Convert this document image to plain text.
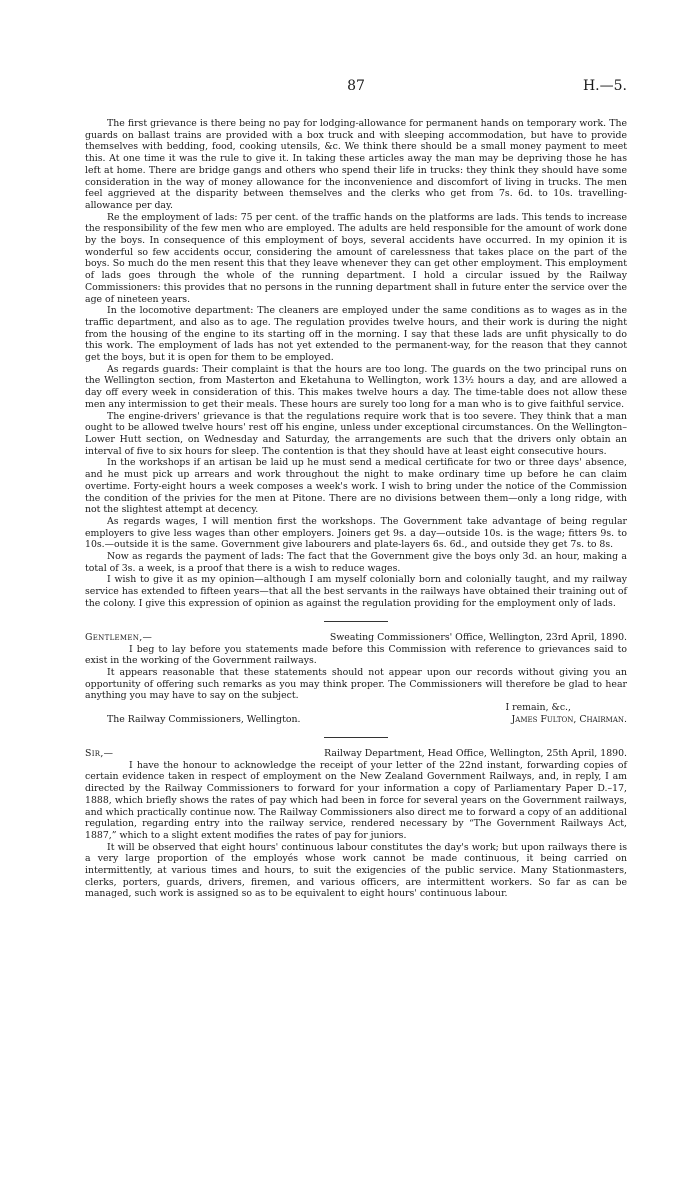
87	H.—5.

The first grievance is there being no pay for lodging-allowance for permanent hands on temporary work. The guards on ballast trains are provided with a box truck and with sleeping accommodation, but have to provide themselves with bedding, food, cooking utensils, &c. We think there should be a small money payment to meet this. At one time it was the rule to give it. In taking these articles away the man may be depriving those he has left at home. There are bridge gangs and others who spend their life in trucks: they think they should have some consideration in the way of money allowance for the inconvenience and discomfort of living in trucks. The men feel aggrieved at the disparity between themselves and the clerks who get from 7s. 6d. to 10s. travelling-allowance per day.

Re the employment of lads: 75 per cent. of the traffic hands on the platforms are lads. This tends to increase the responsibility of the few men who are employed. The adults are held responsible for the amount of work done by the boys. In consequence of this employment of boys, several accidents have occurred. In my opinion it is wonderful so few accidents occur, considering the amount of carelessness that takes place on the part of the boys. So much do the men resent this that they leave whenever they can get other employment. This employment of lads goes through the whole of the running department. I hold a circular issued by the Railway Commissioners: this provides that no persons in the running department shall in future enter the service over the age of nineteen years.

In the locomotive department: The cleaners are employed under the same conditions as to wages as in the traffic department, and also as to age. The regulation provides twelve hours, and their work is during the night from the housing of the engine to its starting off in the morning. I say that these lads are unfit physically to do this work. The employment of lads has not yet extended to the permanent-way, for the reason that they cannot get the boys, but it is open for them to be employed.

As regards guards: Their complaint is that the hours are too long. The guards on the two principal runs on the Wellington section, from Masterton and Eketahuna to Wellington, work 13½ hours a day, and are allowed a day off every week in consideration of this. This makes twelve hours a day. The time-table does not allow these men any intermission to get their meals. These hours are surely too long for a man who is to give faithful service.

The engine-drivers' grievance is that the regulations require work that is too severe. They think that a man ought to be allowed twelve hours' rest off his engine, unless under exceptional circumstances. On the Wellington–Lower Hutt section, on Wednesday and Saturday, the arrangements are such that the drivers only obtain an interval of five to six hours for sleep. The contention is that they should have at least eight consecutive hours.

In the workshops if an artisan be laid up he must send a medical certificate for two or three days' absence, and he must pick up arrears and work throughout the night to make ordinary time up before he can claim overtime. Forty-eight hours a week composes a week's work. I wish to bring under the notice of the Commission the condition of the privies for the men at Pitone. There are no divisions between them—only a long ridge, with not the slightest attempt at decency.

As regards wages, I will mention first the workshops. The Government take advantage of being regular employers to give less wages than other employers. Joiners get 9s. a day—outside 10s. is the wage; fitters 9s. to 10s.—outside it is the same. Government give labourers and plate-layers 6s. 6d., and outside they get 7s. to 8s.

Now as regards the payment of lads: The fact that the Government give the boys only 3d. an hour, making a total of 3s. a week, is a proof that there is a wish to reduce wages.

I wish to give it as my opinion—although I am myself colonially born and colonially taught, and my railway service has extended to fifteen years—that all the best servants in the railways have obtained their training out of the colony. I give this expression of opinion as against the regulation providing for the employment only of lads.

Gentlemen,—	Sweating Commissioners' Office, Wellington, 23rd April, 1890.

I beg to lay before you statements made before this Commission with reference to grievances said to exist in the working of the Government railways.

It appears reasonable that these statements should not appear upon our records without giving you an opportunity of offering such remarks as you may think proper. The Commissioners will therefore be glad to hear anything you may have to say on the subject.

I remain, &c.,
The Railway Commissioners, Wellington.	James Fulton, Chairman.
Sir,—	Railway Department, Head Office, Wellington, 25th April, 1890.

I have the honour to acknowledge the receipt of your letter of the 22nd instant, forwarding copies of certain evidence taken in respect of employment on the New Zealand Government Railways, and, in reply, I am directed by the Railway Commissioners to forward for your information a copy of Parliamentary Paper D.–17, 1888, which briefly shows the rates of pay which had been in force for several years on the Government railways, and which practically continue now. The Railway Commissioners also direct me to forward a copy of an additional regulation, regarding entry into the railway service, rendered necessary by “The Government Railways Act, 1887,” which to a slight extent modifies the rates of pay for juniors.

It will be observed that eight hours' continuous labour constitutes the day's work; but upon railways there is a very large proportion of the employés whose work cannot be made continuous, it being carried on intermittently, at various times and hours, to suit the exigencies of the public service. Many Stationmasters, clerks, porters, guards, drivers, firemen, and various officers, are intermittent workers. So far as can be managed, such work is assigned so as to be equivalent to eight hours' continuous labour.
